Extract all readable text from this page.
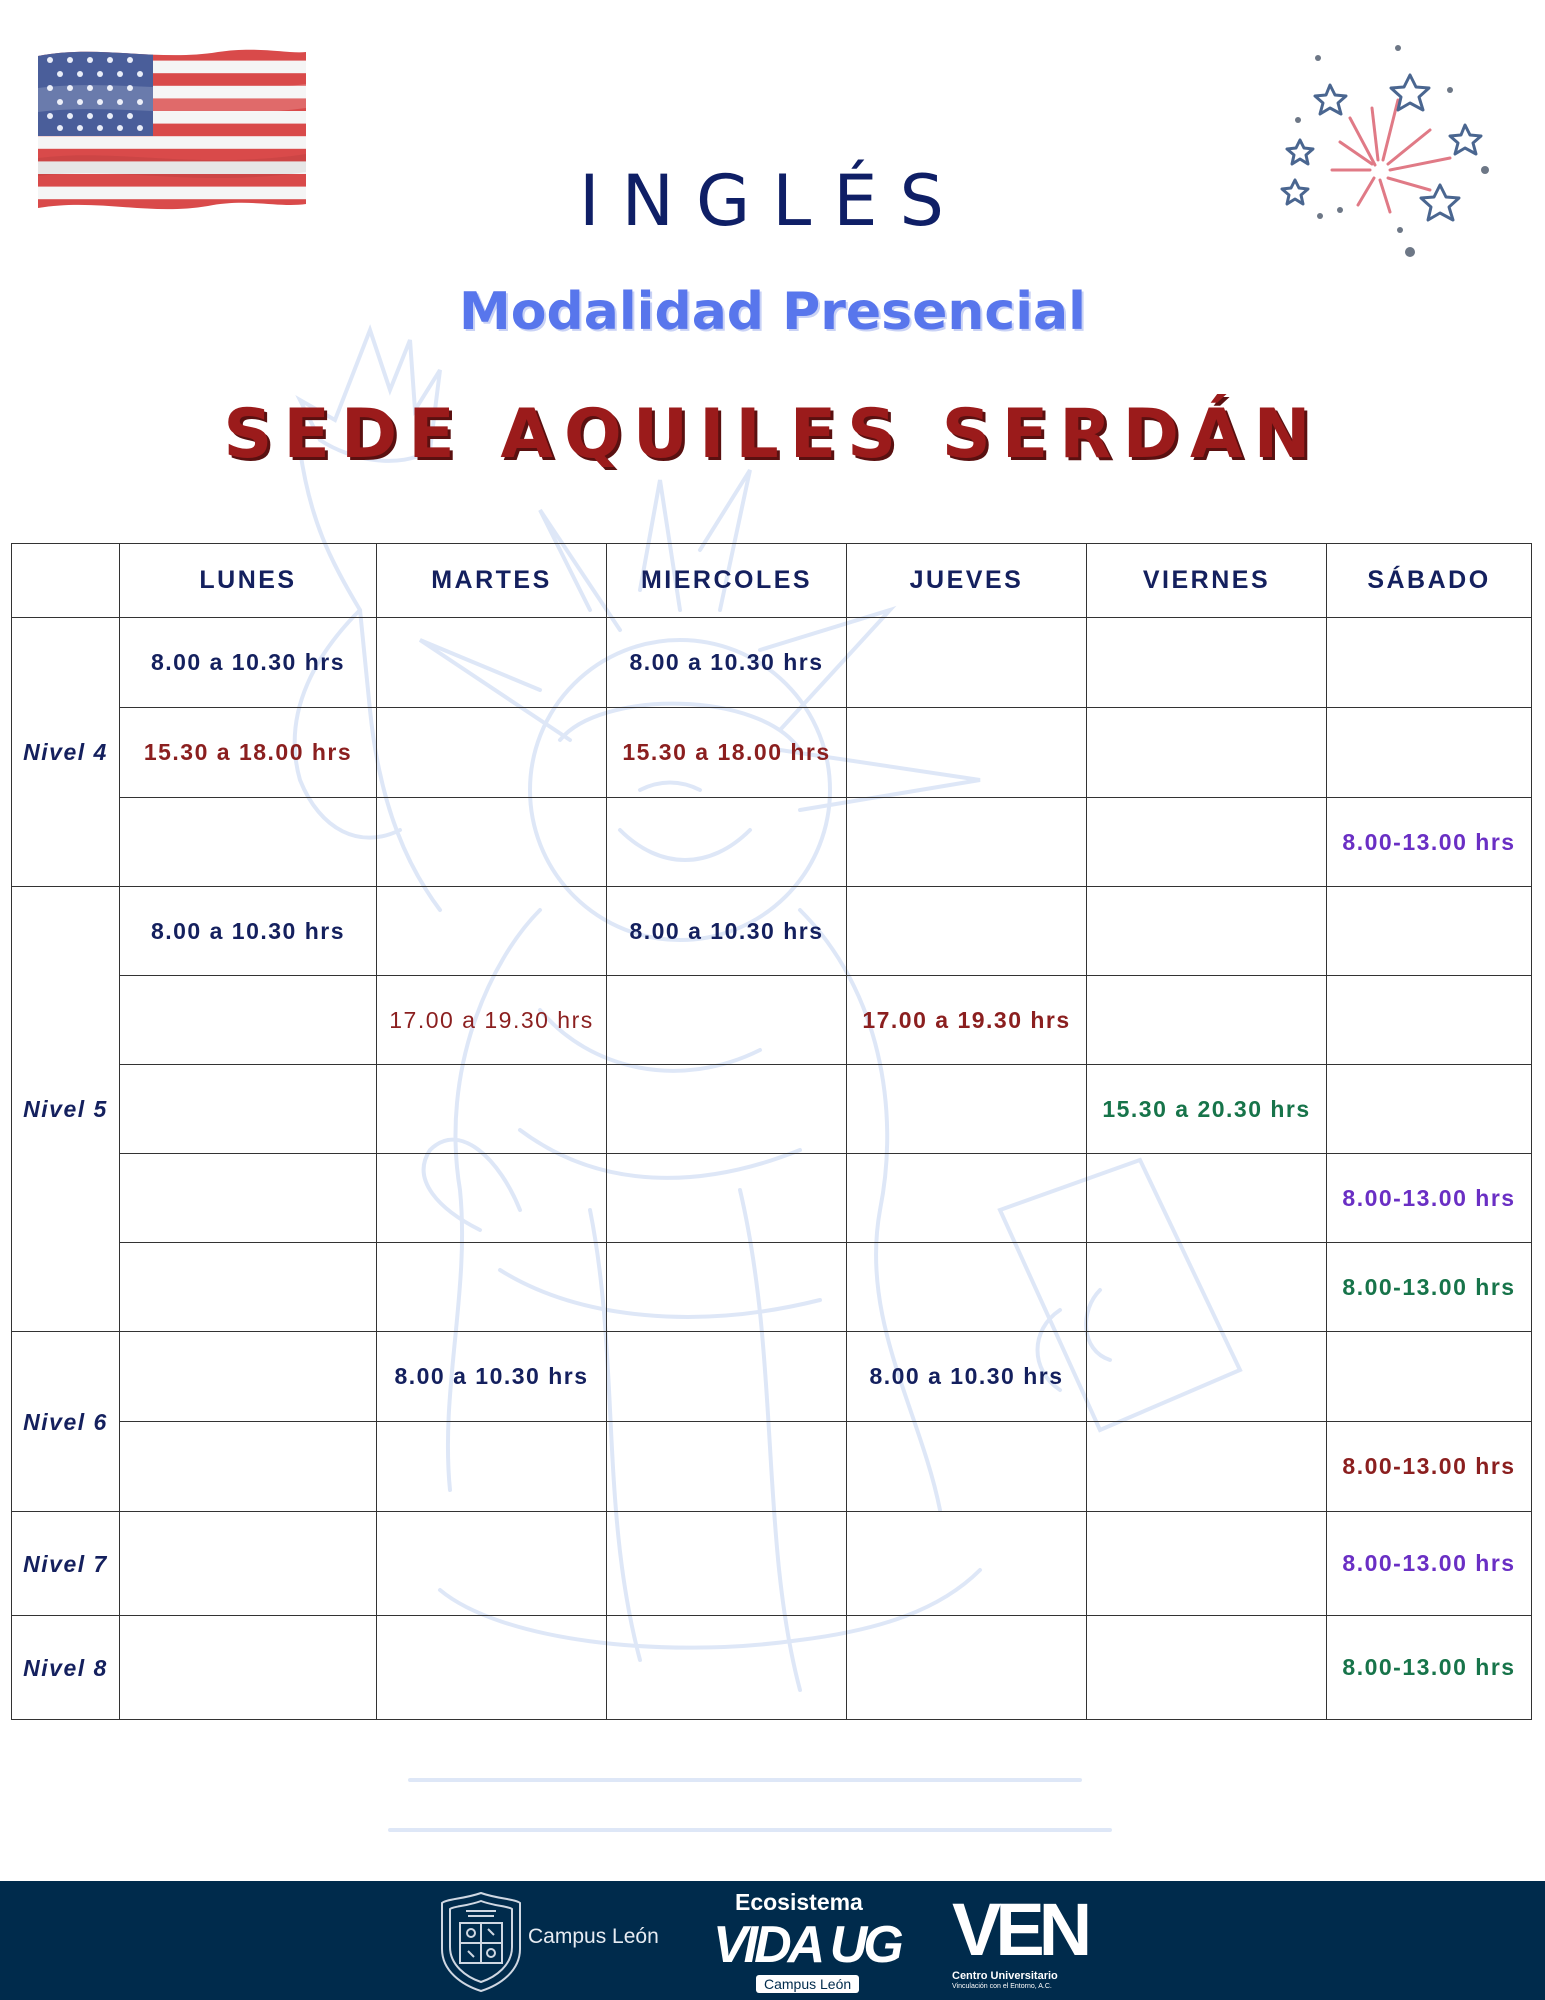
INGLÉS
Modalidad Presencial
SEDE AQUILES SERDÁN
	LUNES	MARTES	MIERCOLES	JUEVES	VIERNES	SÁBADO
Nivel 4	8.00 a 10.30 hrs		8.00 a 10.30 hrs			
	15.30 a 18.00 hrs		15.30 a 18.00 hrs			
						8.00-13.00 hrs
Nivel 5	8.00 a 10.30 hrs		8.00 a 10.30 hrs			
		17.00 a 19.30 hrs		17.00 a 19.30 hrs		
					15.30 a 20.30 hrs	
						8.00-13.00 hrs
						8.00-13.00 hrs
Nivel 6		8.00 a 10.30 hrs		8.00 a 10.30 hrs		
						8.00-13.00 hrs
Nivel 7						8.00-13.00 hrs
Nivel 8						8.00-13.00 hrs
Campus León
Ecosistema
VIDA UG
Campus León
VEN
Centro Universitario
Vinculación con el Entorno, A.C.
